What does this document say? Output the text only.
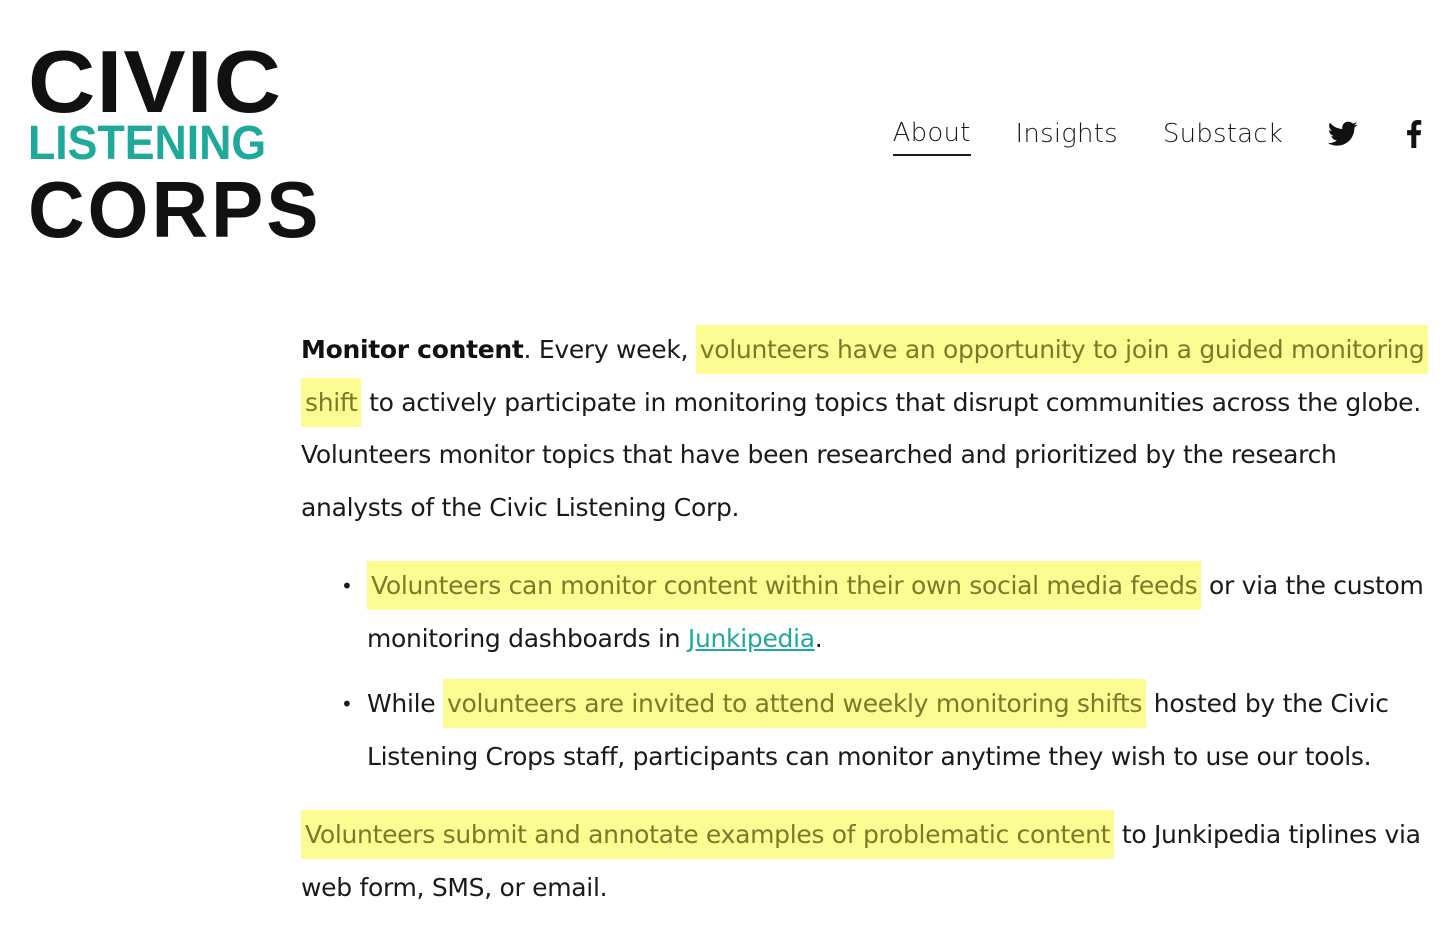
CIVIC
LISTENING
CORPS
About Insights Substack

Monitor content. Every week, volunteers have an opportunity to join a guided monitoring shift to actively participate in monitoring topics that disrupt communities across the globe. Volunteers monitor topics that have been researched and prioritized by the research analysts of the Civic Listening Corp.

• Volunteers can monitor content within their own social media feeds or via the custom monitoring dashboards in Junkipedia.
• While volunteers are invited to attend weekly monitoring shifts hosted by the Civic Listening Crops staff, participants can monitor anytime they wish to use our tools.

Volunteers submit and annotate examples of problematic content to Junkipedia tiplines via web form, SMS, or email.
